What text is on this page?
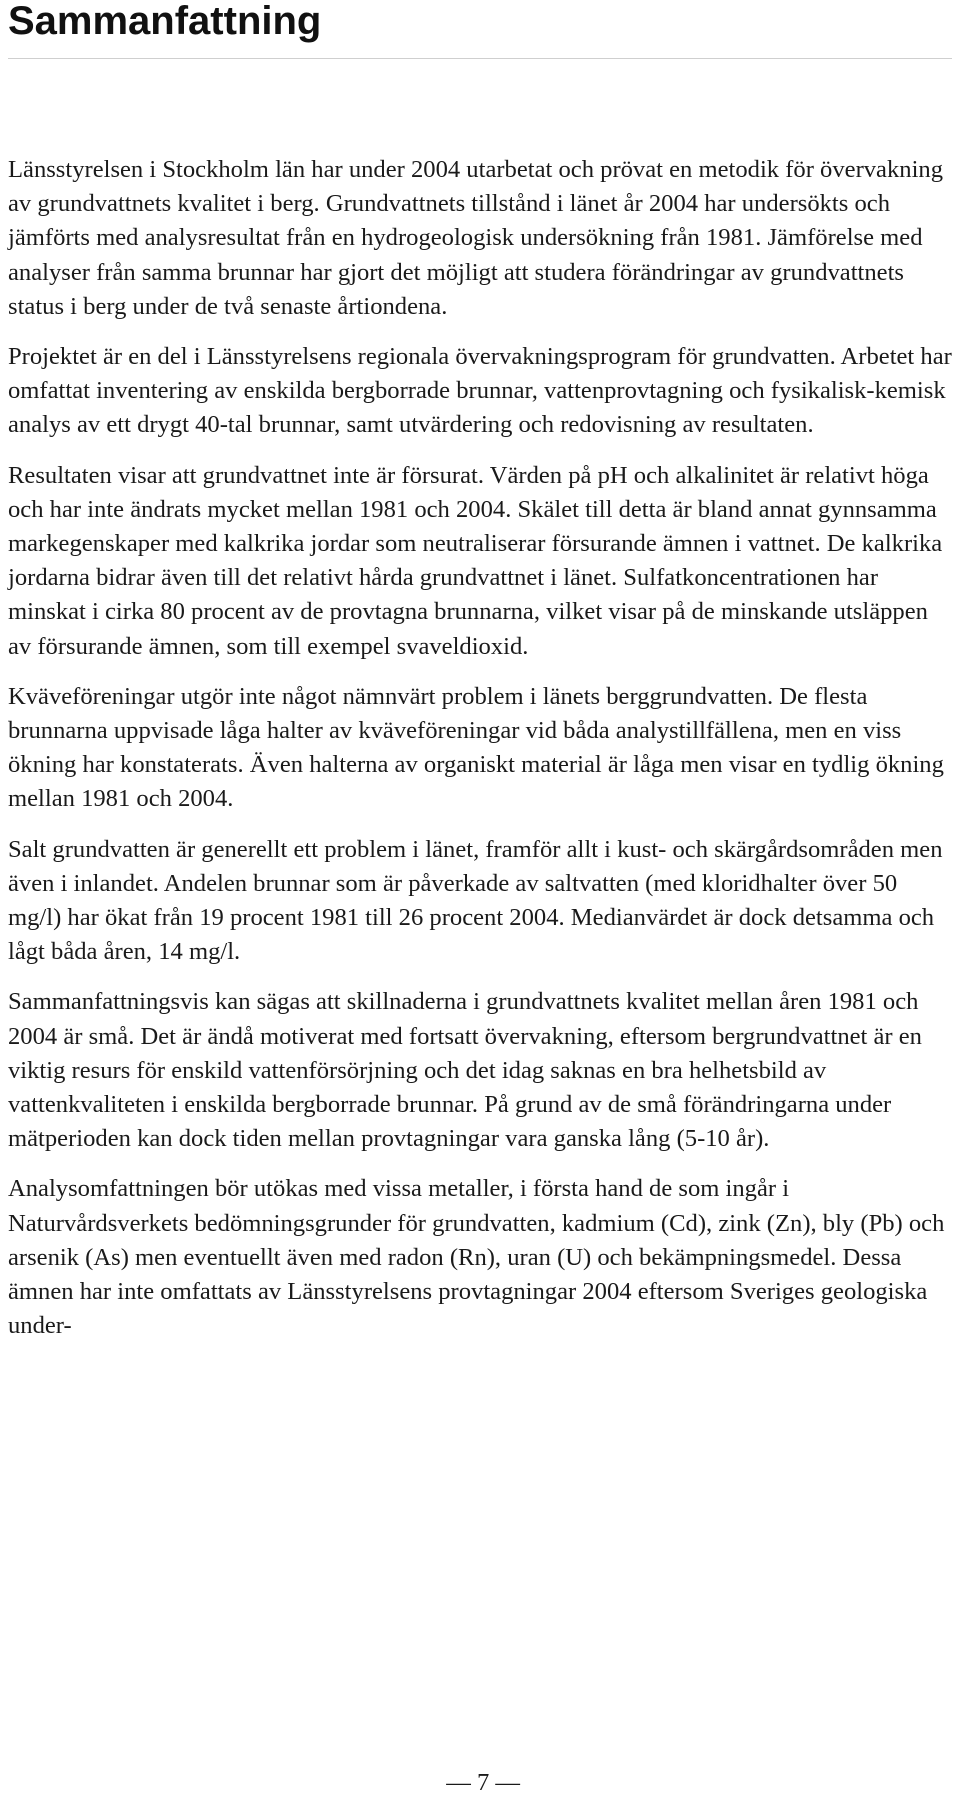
Sammanfattning

Länsstyrelsen i Stockholm län har under 2004 utarbetat och prövat en metodik för övervakning av grundvattnets kvalitet i berg. Grundvattnets tillstånd i länet år 2004 har undersökts och jämförts med analysresultat från en hydrogeologisk undersökning från 1981. Jämförelse med analyser från samma brunnar har gjort det möjligt att studera förändringar av grundvattnets status i berg under de två senaste årtiondena.

Projektet är en del i Länsstyrelsens regionala övervakningsprogram för grundvatten. Arbetet har omfattat inventering av enskilda bergborrade brunnar, vattenprovtagning och fysikalisk-kemisk analys av ett drygt 40-tal brunnar, samt utvärdering och redovisning av resultaten.

Resultaten visar att grundvattnet inte är försurat. Värden på pH och alkalinitet är relativt höga och har inte ändrats mycket mellan 1981 och 2004. Skälet till detta är bland annat gynnsamma markegenskaper med kalkrika jordar som neutraliserar försurande ämnen i vattnet. De kalkrika jordarna bidrar även till det relativt hårda grundvattnet i länet. Sulfatkoncentrationen har minskat i cirka 80 procent av de provtagna brunnarna, vilket visar på de minskande utsläppen av försurande ämnen, som till exempel svaveldioxid.

Kväveföreningar utgör inte något nämnvärt problem i länets berggrundvatten. De flesta brunnarna uppvisade låga halter av kväveföreningar vid båda analystillfällena, men en viss ökning har konstaterats. Även halterna av organiskt material är låga men visar en tydlig ökning mellan 1981 och 2004.

Salt grundvatten är generellt ett problem i länet, framför allt i kust- och skärgårdsområden men även i inlandet. Andelen brunnar som är påverkade av saltvatten (med kloridhalter över 50 mg/l) har ökat från 19 procent 1981 till 26 procent 2004. Medianvärdet är dock detsamma och lågt båda åren, 14 mg/l.

Sammanfattningsvis kan sägas att skillnaderna i grundvattnets kvalitet mellan åren 1981 och 2004 är små. Det är ändå motiverat med fortsatt övervakning, eftersom bergrundvattnet är en viktig resurs för enskild vattenförsörjning och det idag saknas en bra helhetsbild av vattenkvaliteten i enskilda bergborrade brunnar. På grund av de små förändringarna under mätperioden kan dock tiden mellan provtagningar vara ganska lång (5-10 år).

Analysomfattningen bör utökas med vissa metaller, i första hand de som ingår i Naturvårdsverkets bedömningsgrunder för grundvatten, kadmium (Cd), zink (Zn), bly (Pb) och arsenik (As) men eventuellt även med radon (Rn), uran (U) och bekämpningsmedel. Dessa ämnen har inte omfattats av Länsstyrelsens provtagningar 2004 eftersom Sveriges geologiska under-

— 7 —
